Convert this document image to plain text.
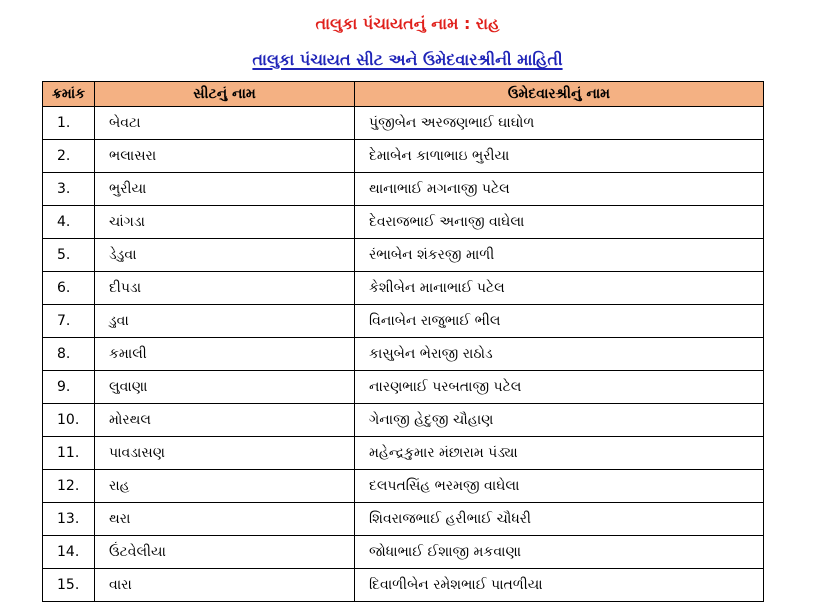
તાલુકા પંચાયતનું નામ : રાહ
તાલુકા પંચાયત સીટ અને ઉમેદવારશ્રીની માહિતી
ક્રમાંક	સીટનું નામ	ઉમેદવારશ્રીનું નામ
1.	બેવટા	પુંજીબેન અરજણભાઈ ઘાઘોળ
2.	ભલાસરા	દેમાબેન કાળાભાઇ ભુરીયા
3.	ભુરીયા	થાનાભાઈ મગનાજી પટેલ
4.	ચાંગડા	દેવરાજભાઈ અનાજી વાઘેલા
5.	ડેડુવા	રંભાબેન શંકરજી માળી
6.	દીપડા	કેશીબેન માનાભાઈ પટેલ
7.	ડુવા	વિનાબેન રાજુભાઈ ભીલ
8.	કમાલી	કાસુબેન ભેરાજી રાઠોડ
9.	લુવાણા	નારણભાઈ પરબતાજી પટેલ
10.	મોરથલ	ગેનાજી હેદુજી ચૌહાણ
11.	પાવડાસણ	મહેન્દ્રકુમાર મંછારામ પંડ્યા
12.	રાહ	દલપતસિંહ ભરમજી વાઘેલા
13.	થરા	શિવરાજભાઈ હરીભાઈ ચૌધરી
14.	ઉંટવેલીયા	જોધાભાઈ ઈશાજી મકવાણા
15.	વારા	દિવાળીબેન રમેશભાઈ પાતળીયા
